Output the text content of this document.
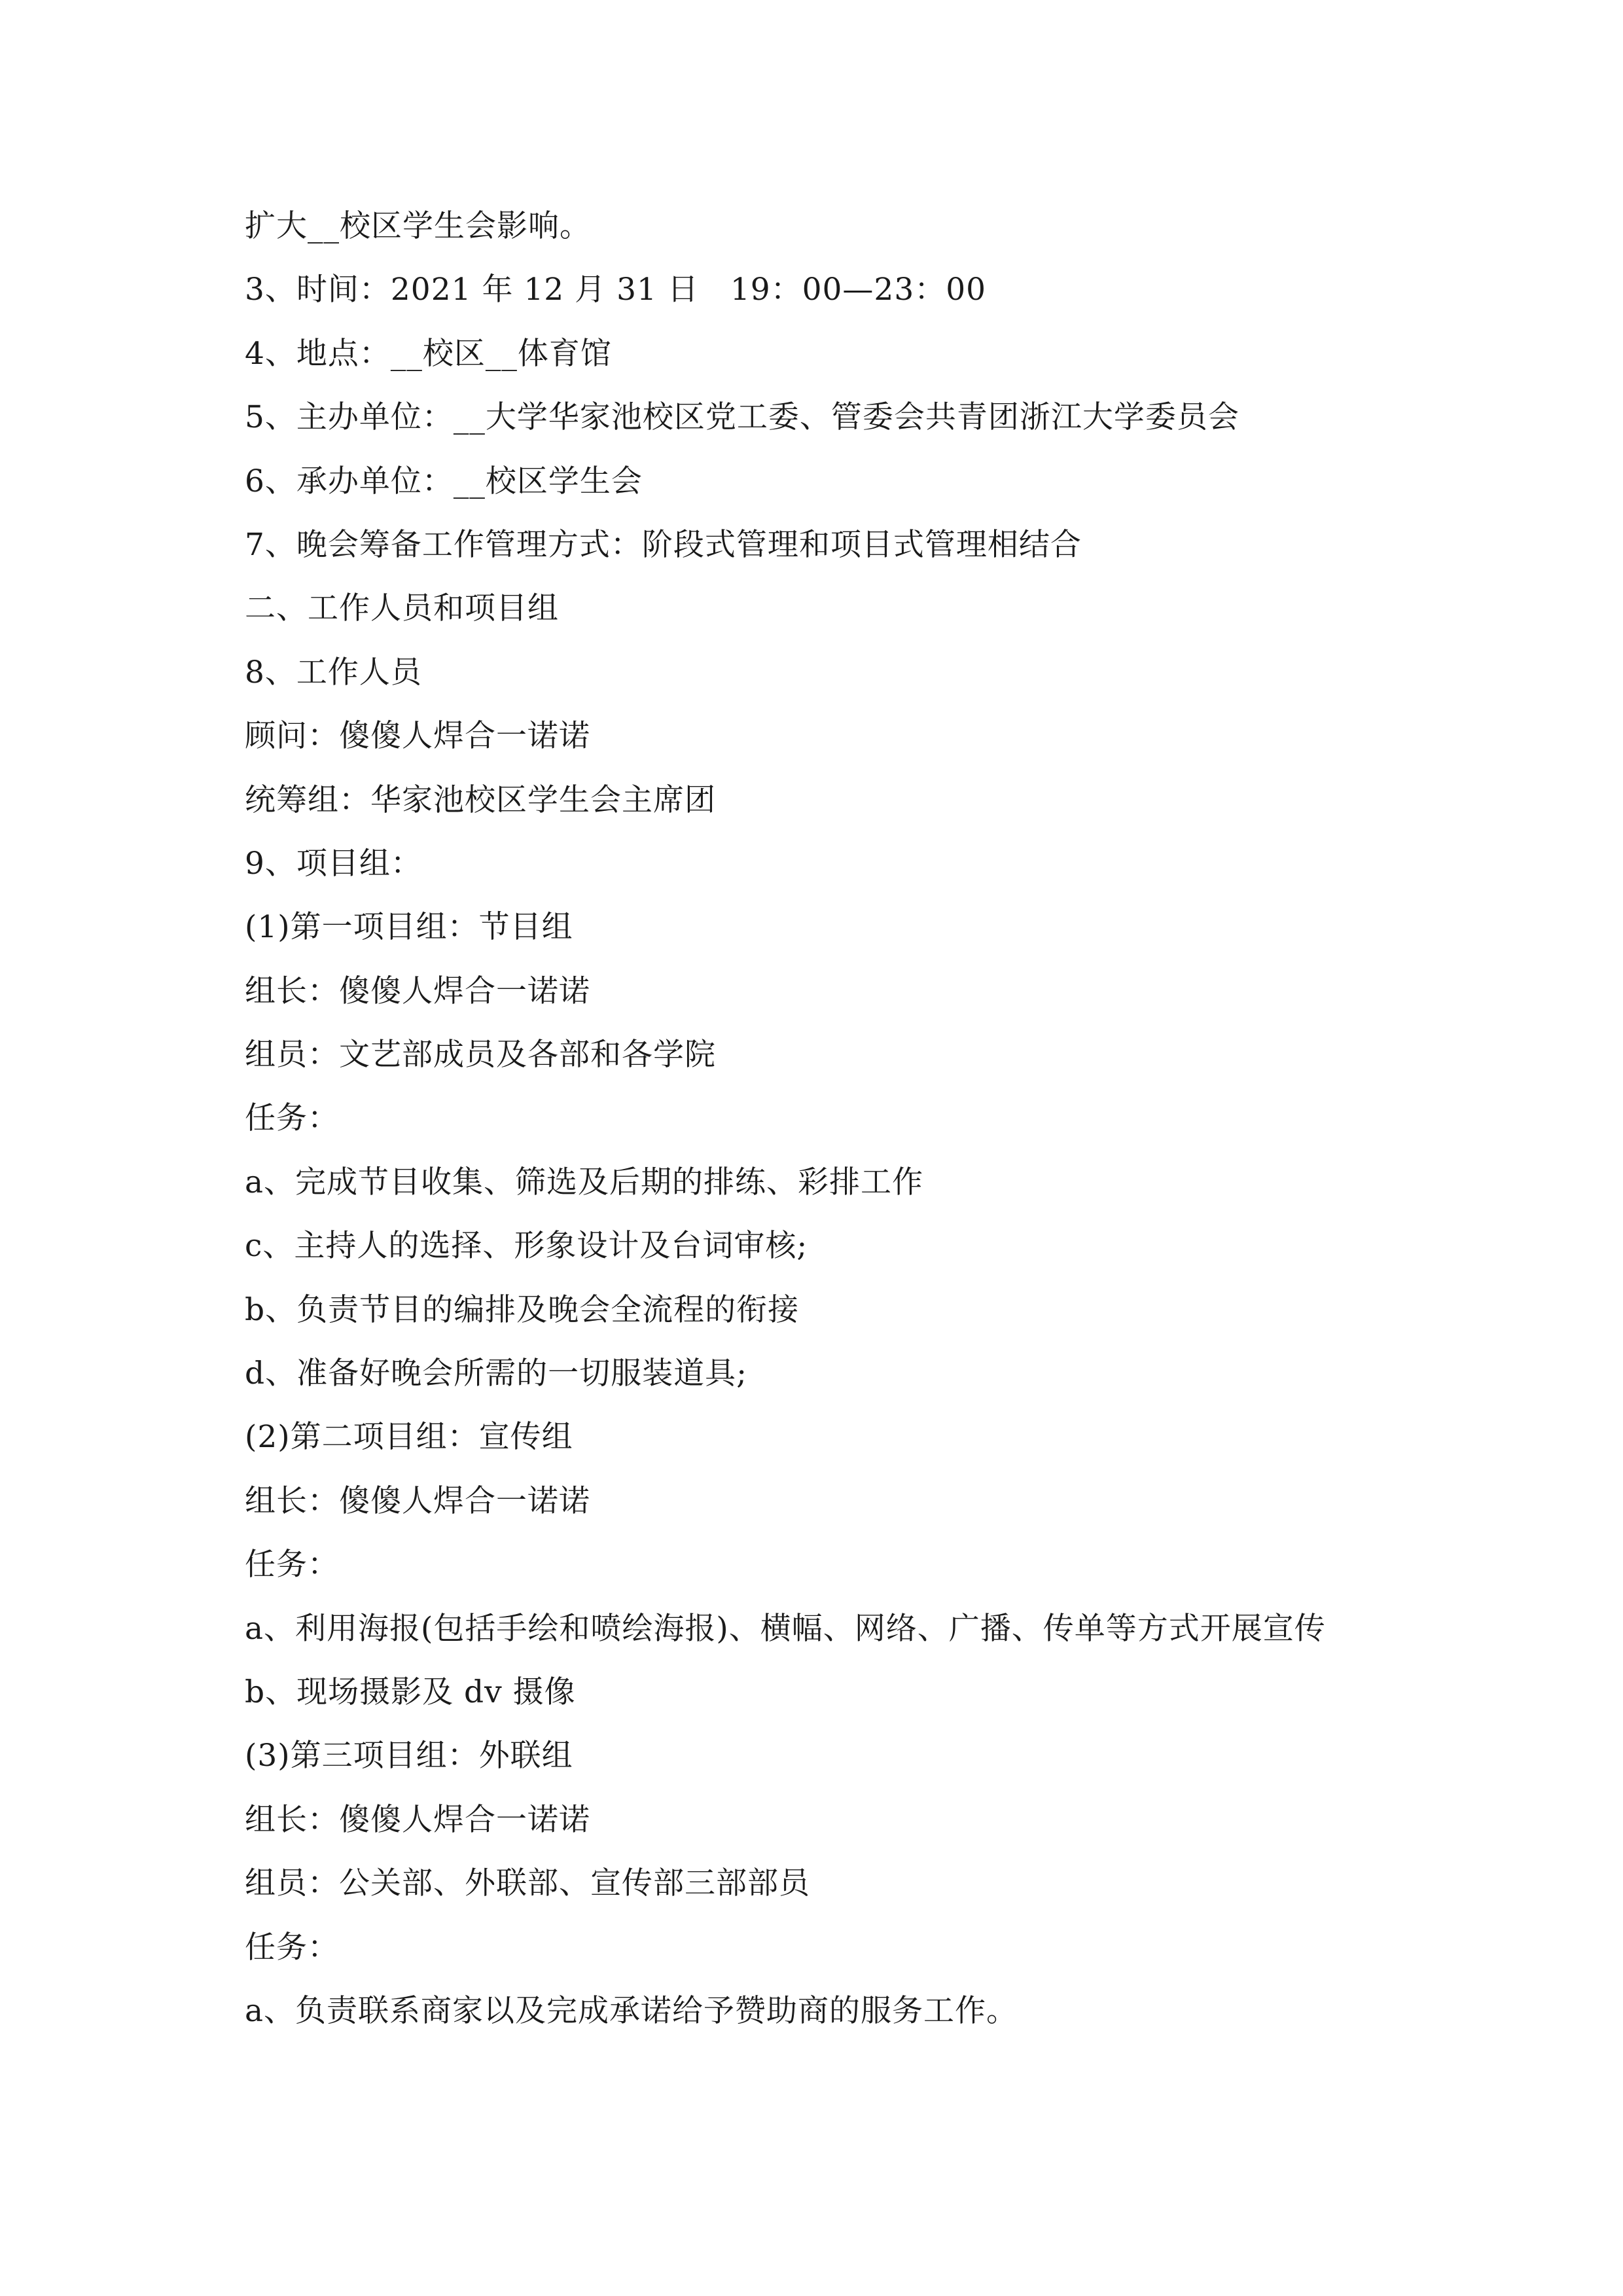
扩大__校区学生会影响。
3、时间：2021 年 12 月 31 日　19：00—23：00
4、地点：__校区__体育馆
5、主办单位：__大学华家池校区党工委、管委会共青团浙江大学委员会
6、承办单位：__校区学生会
7、晚会筹备工作管理方式：阶段式管理和项目式管理相结合
二、工作人员和项目组
8、工作人员
顾问：傻傻人焊合一诺诺
统筹组：华家池校区学生会主席团
9、项目组：
(1)第一项目组：节目组
组长：傻傻人焊合一诺诺
组员：文艺部成员及各部和各学院
任务：
a、完成节目收集、筛选及后期的排练、彩排工作
c、主持人的选择、形象设计及台词审核;
b、负责节目的编排及晚会全流程的衔接
d、准备好晚会所需的一切服装道具;
(2)第二项目组：宣传组
组长：傻傻人焊合一诺诺
任务：
a、利用海报(包括手绘和喷绘海报)、横幅、网络、广播、传单等方式开展宣传
b、现场摄影及 dv 摄像
(3)第三项目组：外联组
组长：傻傻人焊合一诺诺
组员：公关部、外联部、宣传部三部部员
任务：
a、负责联系商家以及完成承诺给予赞助商的服务工作。
